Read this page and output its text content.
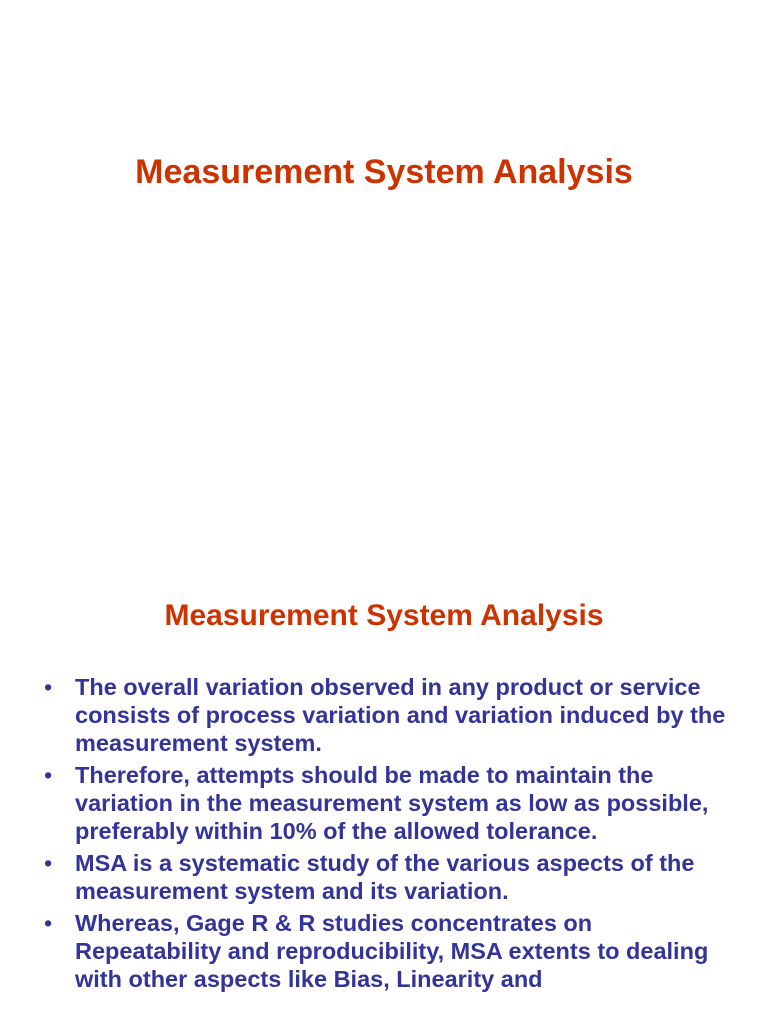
Measurement System Analysis
Measurement System Analysis
• The overall variation observed in any product or service consists of process variation and variation induced by the measurement system.
• Therefore, attempts should be made to maintain the variation in the measurement system as low as possible, preferably within 10% of the allowed tolerance.
• MSA is a systematic study of the various aspects of the measurement system and its variation.
• Whereas, Gage R & R studies concentrates on Repeatability and reproducibility, MSA extents to dealing with other aspects like Bias, Linearity and
